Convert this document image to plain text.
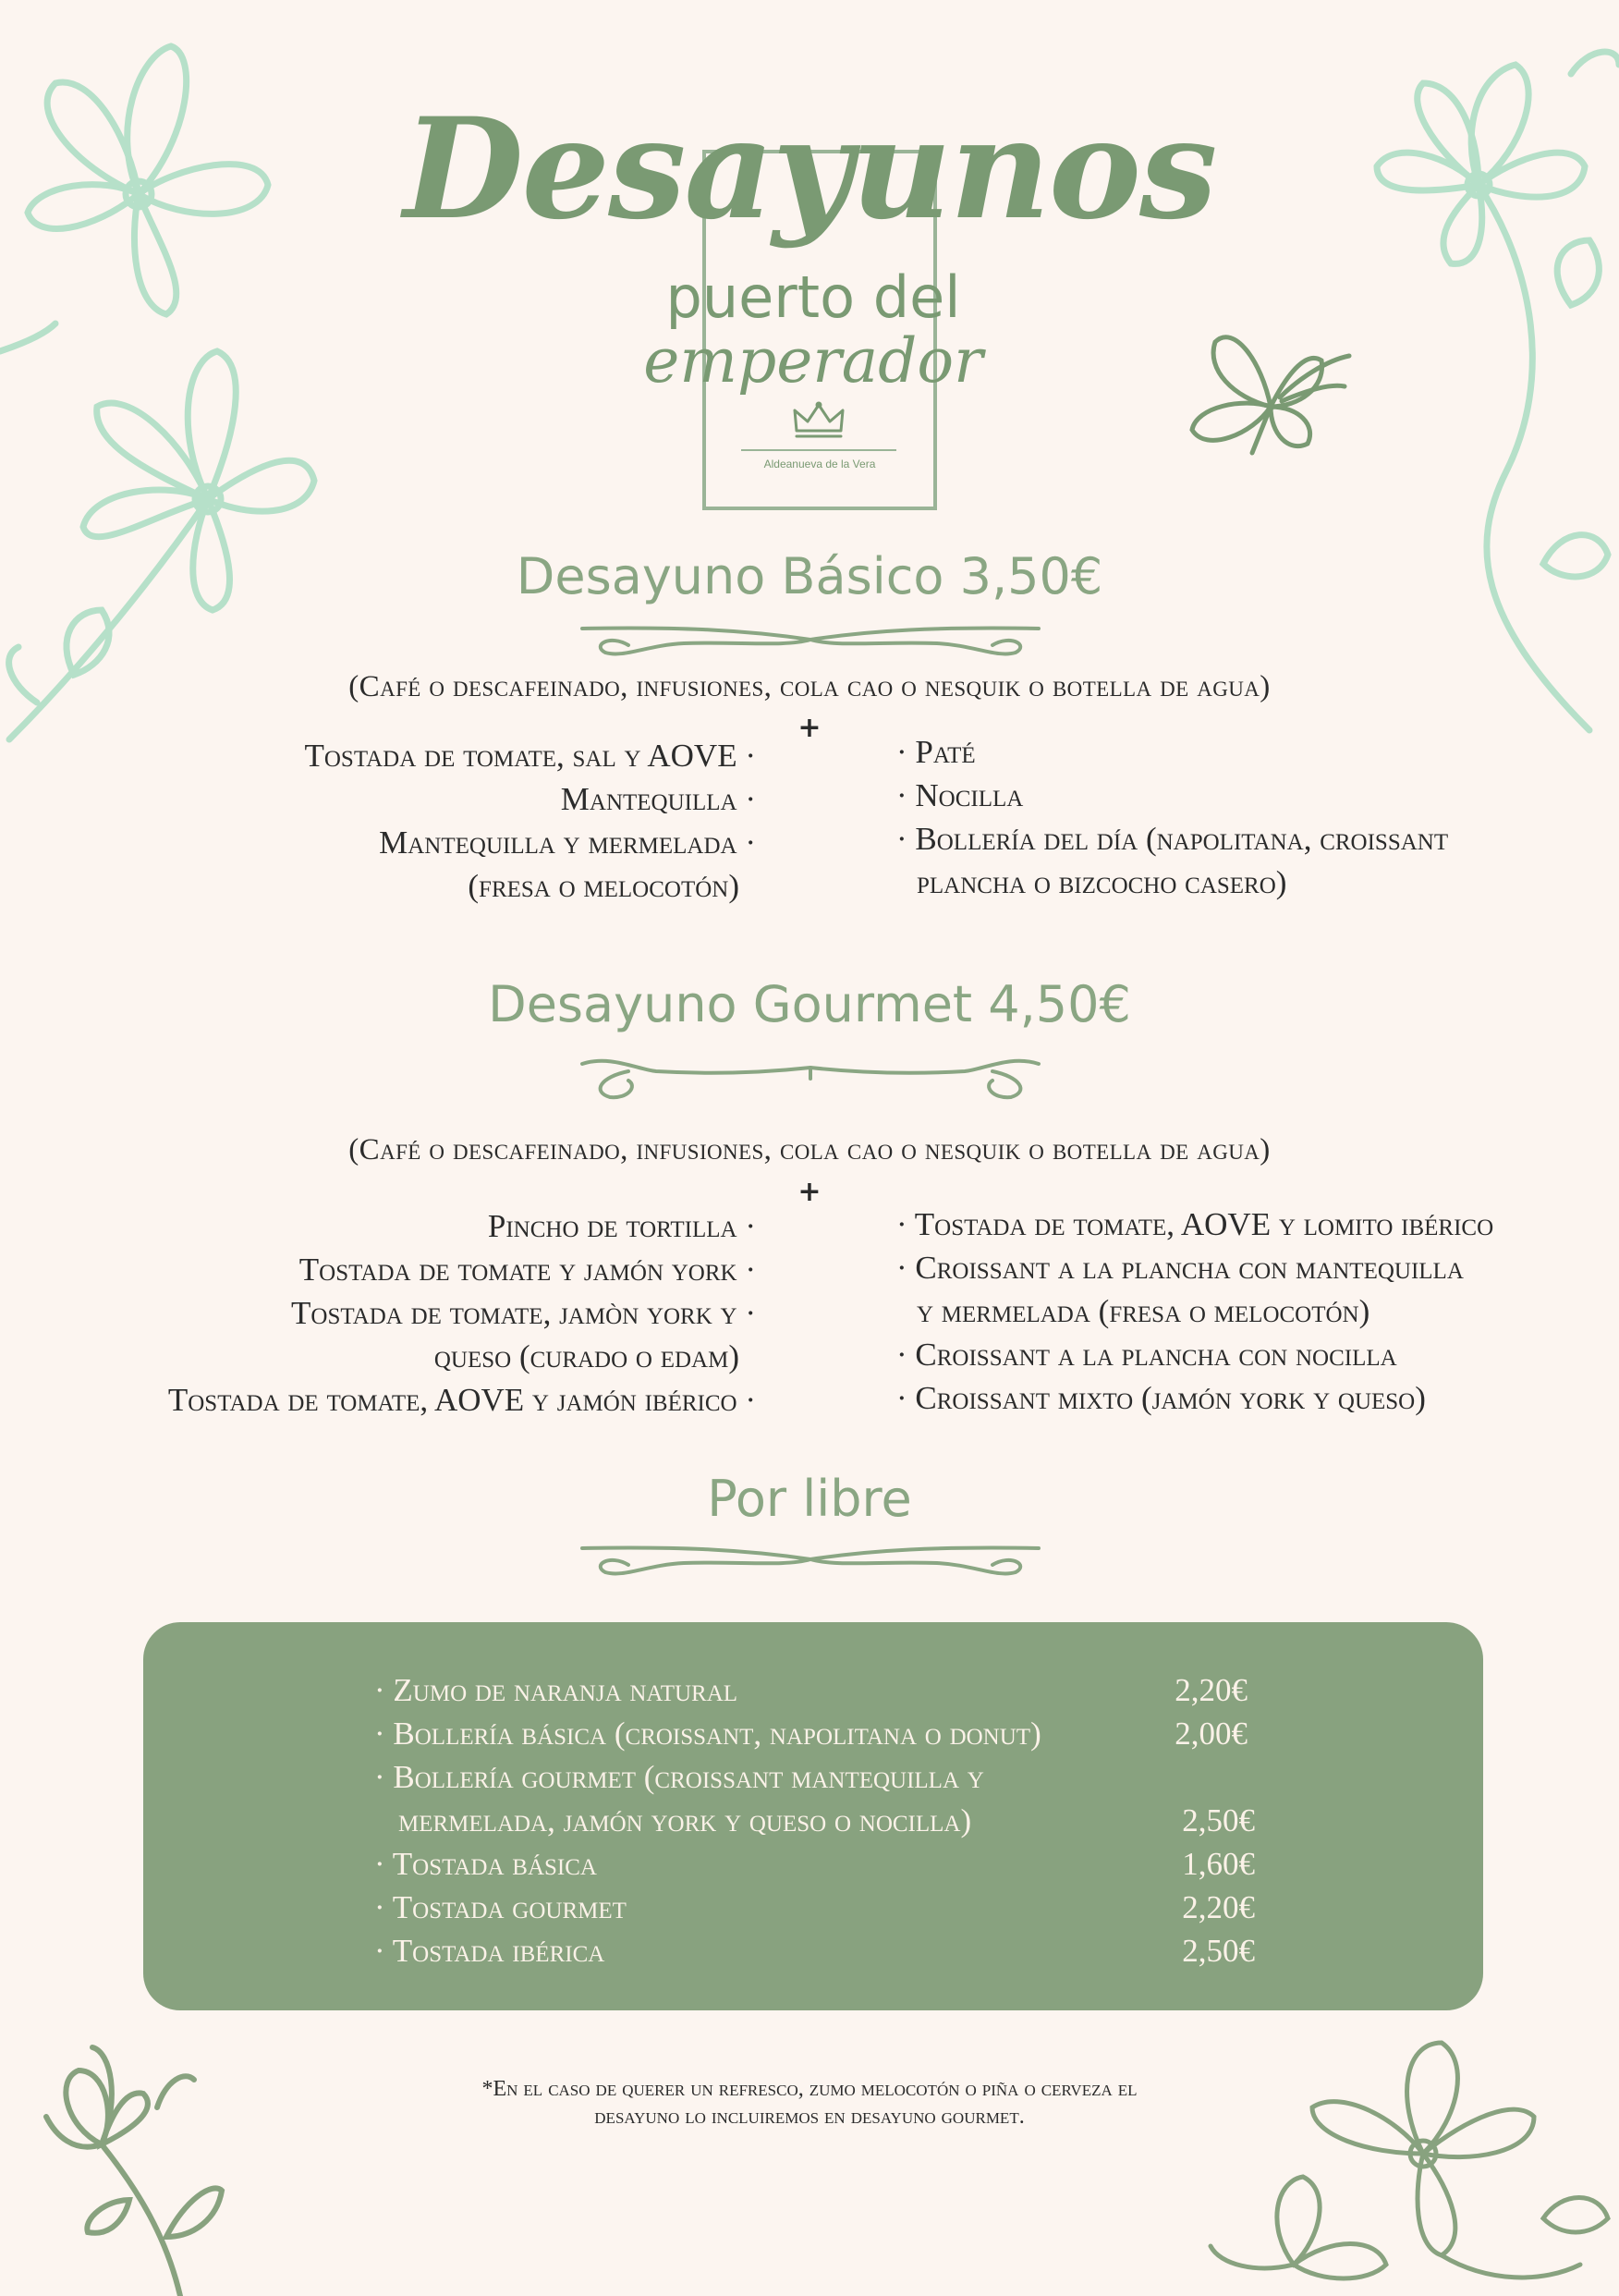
Desayunos
puerto del
emperador
Aldeanueva de la Vera
Desayuno Básico 3,50€
(Café o descafeinado, infusiones, cola cao o nesquik o botella de agua)
+
Tostada de tomate, sal y AOVE ·
Mantequilla ·
Mantequilla y mermelada ·
(fresa o melocotón)
· Paté
· Nocilla
· Bollería del día (napolitana, croissant
plancha o bizcocho casero)
Desayuno Gourmet 4,50€
(Café o descafeinado, infusiones, cola cao o nesquik o botella de agua)
+
Pincho de tortilla ·
Tostada de tomate y jamón york ·
Tostada de tomate, jamòn york y ·
queso (curado o edam)
Tostada de tomate, AOVE y jamón ibérico ·
· Tostada de tomate, AOVE y lomito ibérico
· Croissant a la plancha con mantequilla
y mermelada (fresa o melocotón)
· Croissant a la plancha con nocilla
· Croissant mixto (jamón york y queso)
Por libre
· Zumo de naranja natural
· Bollería básica (croissant, napolitana o donut)
· Bollería gourmet (croissant mantequilla y
mermelada, jamón york y queso o nocilla)
· Tostada básica
· Tostada gourmet
· Tostada ibérica
2,20€
2,00€
2,50€
1,60€
2,20€
2,50€
*En el caso de querer un refresco, zumo melocotón o piña o cerveza el
desayuno lo incluiremos en desayuno gourmet.
